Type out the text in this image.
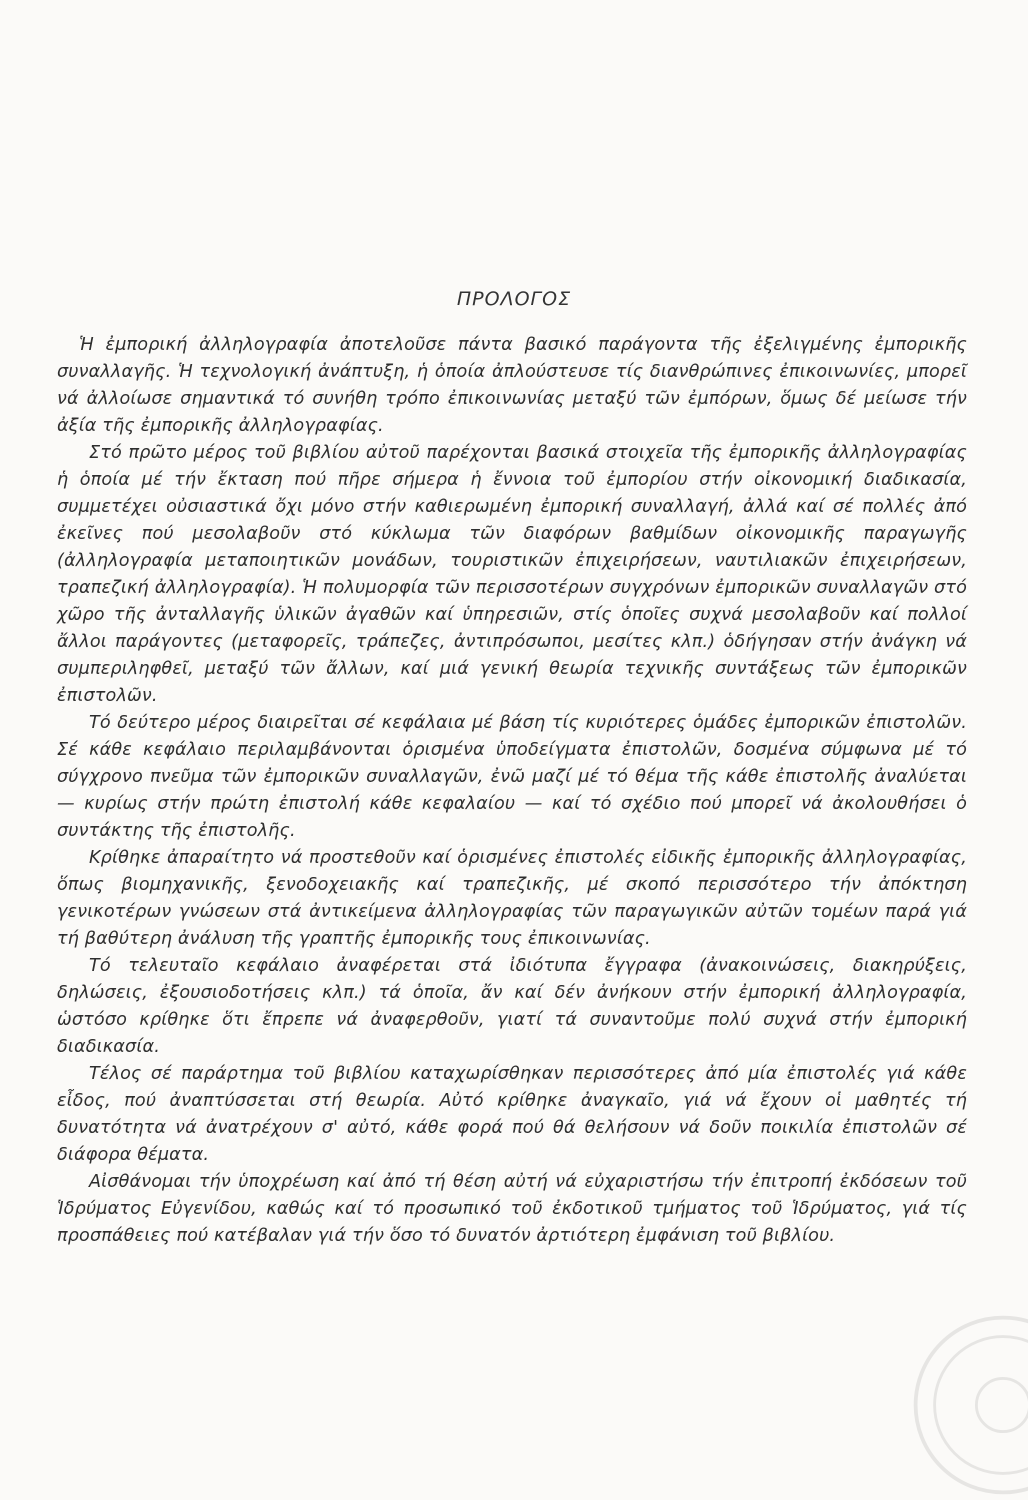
ΠΡΟΛΟΓΟΣ

Ἡ ἐμπορική ἀλληλογραφία ἀποτελοῦσε πάντα βασικό παράγοντα τῆς ἐξελιγμένης ἐμπορικῆς συναλλαγῆς. Ἡ τεχνολογική ἀνάπτυξη, ἡ ὁποία ἀπλούστευσε τίς διανθρώπινες ἐπικοινωνίες, μπορεῖ νά ἀλλοίωσε σημαντικά τό συνήθη τρόπο ἐπικοινωνίας μεταξύ τῶν ἐμπόρων, ὅμως δέ μείωσε τήν ἀξία τῆς ἐμπορικῆς ἀλληλογραφίας.

Στό πρῶτο μέρος τοῦ βιβλίου αὐτοῦ παρέχονται βασικά στοιχεῖα τῆς ἐμπορικῆς ἀλληλογραφίας ἡ ὁποία μέ τήν ἔκταση πού πῆρε σήμερα ἡ ἔννοια τοῦ ἐμπορίου στήν οἰκονομική διαδικασία, συμμετέχει οὐσιαστικά ὄχι μόνο στήν καθιερωμένη ἐμπορική συναλλαγή, ἀλλά καί σέ πολλές ἀπό ἐκεῖνες πού μεσολαβοῦν στό κύκλωμα τῶν διαφόρων βαθμίδων οἰκονομικῆς παραγωγῆς (ἀλληλογραφία μεταποιητικῶν μονάδων, τουριστικῶν ἐπιχειρήσεων, ναυτιλιακῶν ἐπιχειρήσεων, τραπεζική ἀλληλογραφία). Ἡ πολυμορφία τῶν περισσοτέρων συγχρόνων ἐμπορικῶν συναλλαγῶν στό χῶρο τῆς ἀνταλλαγῆς ὑλικῶν ἀγαθῶν καί ὑπηρεσιῶν, στίς ὁποῖες συχνά μεσολαβοῦν καί πολλοί ἄλλοι παράγοντες (μεταφορεῖς, τράπεζες, ἀντιπρόσωποι, μεσίτες κλπ.) ὁδήγησαν στήν ἀνάγκη νά συμπεριληφθεῖ, μεταξύ τῶν ἄλλων, καί μιά γενική θεωρία τεχνικῆς συντάξεως τῶν ἐμπορικῶν ἐπιστολῶν.

Τό δεύτερο μέρος διαιρεῖται σέ κεφάλαια μέ βάση τίς κυριότερες ὁμάδες ἐμπορικῶν ἐπιστολῶν. Σέ κάθε κεφάλαιο περιλαμβάνονται ὁρισμένα ὑποδείγματα ἐπιστολῶν, δοσμένα σύμφωνα μέ τό σύγχρονο πνεῦμα τῶν ἐμπορικῶν συναλλαγῶν, ἐνῶ μαζί μέ τό θέμα τῆς κάθε ἐπιστολῆς ἀναλύεται — κυρίως στήν πρώτη ἐπιστολή κάθε κεφαλαίου — καί τό σχέδιο πού μπορεῖ νά ἀκολουθήσει ὁ συντάκτης τῆς ἐπιστολῆς.

Κρίθηκε ἀπαραίτητο νά προστεθοῦν καί ὁρισμένες ἐπιστολές εἰδικῆς ἐμπορικῆς ἀλληλογραφίας, ὅπως βιομηχανικῆς, ξενοδοχειακῆς καί τραπεζικῆς, μέ σκοπό περισσότερο τήν ἀπόκτηση γενικοτέρων γνώσεων στά ἀντικείμενα ἀλληλογραφίας τῶν παραγωγικῶν αὐτῶν τομέων παρά γιά τή βαθύτερη ἀνάλυση τῆς γραπτῆς ἐμπορικῆς τους ἐπικοινωνίας.

Τό τελευταῖο κεφάλαιο ἀναφέρεται στά ἰδιότυπα ἔγγραφα (ἀνακοινώσεις, διακηρύξεις, δηλώσεις, ἐξουσιοδοτήσεις κλπ.) τά ὁποῖα, ἄν καί δέν ἀνήκουν στήν ἐμπορική ἀλληλογραφία, ὡστόσο κρίθηκε ὅτι ἔπρεπε νά ἀναφερθοῦν, γιατί τά συναντοῦμε πολύ συχνά στήν ἐμπορική διαδικασία.

Τέλος σέ παράρτημα τοῦ βιβλίου καταχωρίσθηκαν περισσότερες ἀπό μία ἐπιστολές γιά κάθε εἶδος, πού ἀναπτύσσεται στή θεωρία. Αὐτό κρίθηκε ἀναγκαῖο, γιά νά ἔχουν οἱ μαθητές τή δυνατότητα νά ἀνατρέχουν σ' αὐτό, κάθε φορά πού θά θελήσουν νά δοῦν ποικιλία ἐπιστολῶν σέ διάφορα θέματα.

Αἰσθάνομαι τήν ὑποχρέωση καί ἀπό τή θέση αὐτή νά εὐχαριστήσω τήν ἐπιτροπή ἐκδόσεων τοῦ Ἱδρύματος Εὐγενίδου, καθώς καί τό προσωπικό τοῦ ἐκδοτικοῦ τμήματος τοῦ Ἱδρύματος, γιά τίς προσπάθειες πού κατέβαλαν γιά τήν ὅσο τό δυνατόν ἀρτιότερη ἐμφάνιση τοῦ βιβλίου.
